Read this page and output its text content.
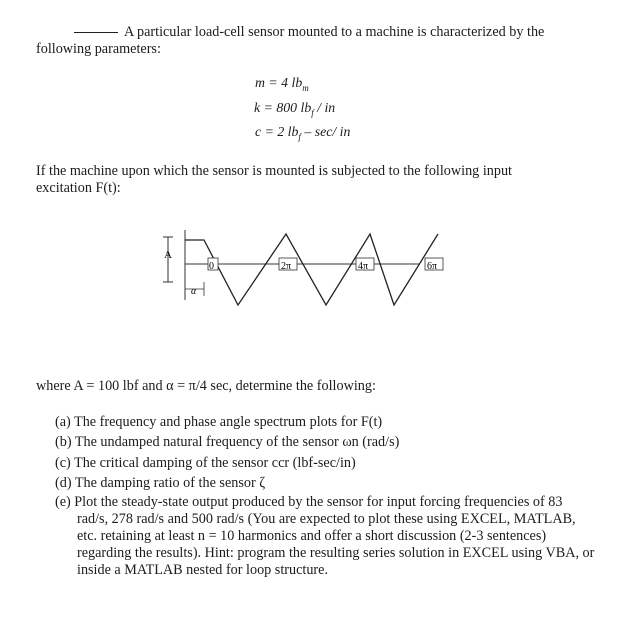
A particular load-cell sensor mounted to a machine is characterized by the
following parameters:
m = 4 $lb_m$
k = 800 $lb_f$ / in
c = 2 $lb_f - \sec/$ in
If the machine upon which the sensor is mounted is subjected to the following input
excitation F(t):
A
0	2π	4π	6π
α
where A = 100 lbf and α = π/4 sec, determine the following:
(a) The frequency and phase angle spectrum plots for F(t)
(b) The undamped natural frequency of the sensor ωn (rad/s)
(c) The critical damping of the sensor ccr (lbf-sec/in)
(d) The damping ratio of the sensor ζ
(e) Plot the steady-state output produced by the sensor for input forcing frequencies of 83 rad/s, 278 rad/s and 500 rad/s (You are expected to plot these using EXCEL, MATLAB, etc. retaining at least n = 10 harmonics and offer a short discussion (2-3 sentences) regarding the results). Hint: program the resulting series solution in EXCEL using VBA, or inside a MATLAB nested for loop structure.
